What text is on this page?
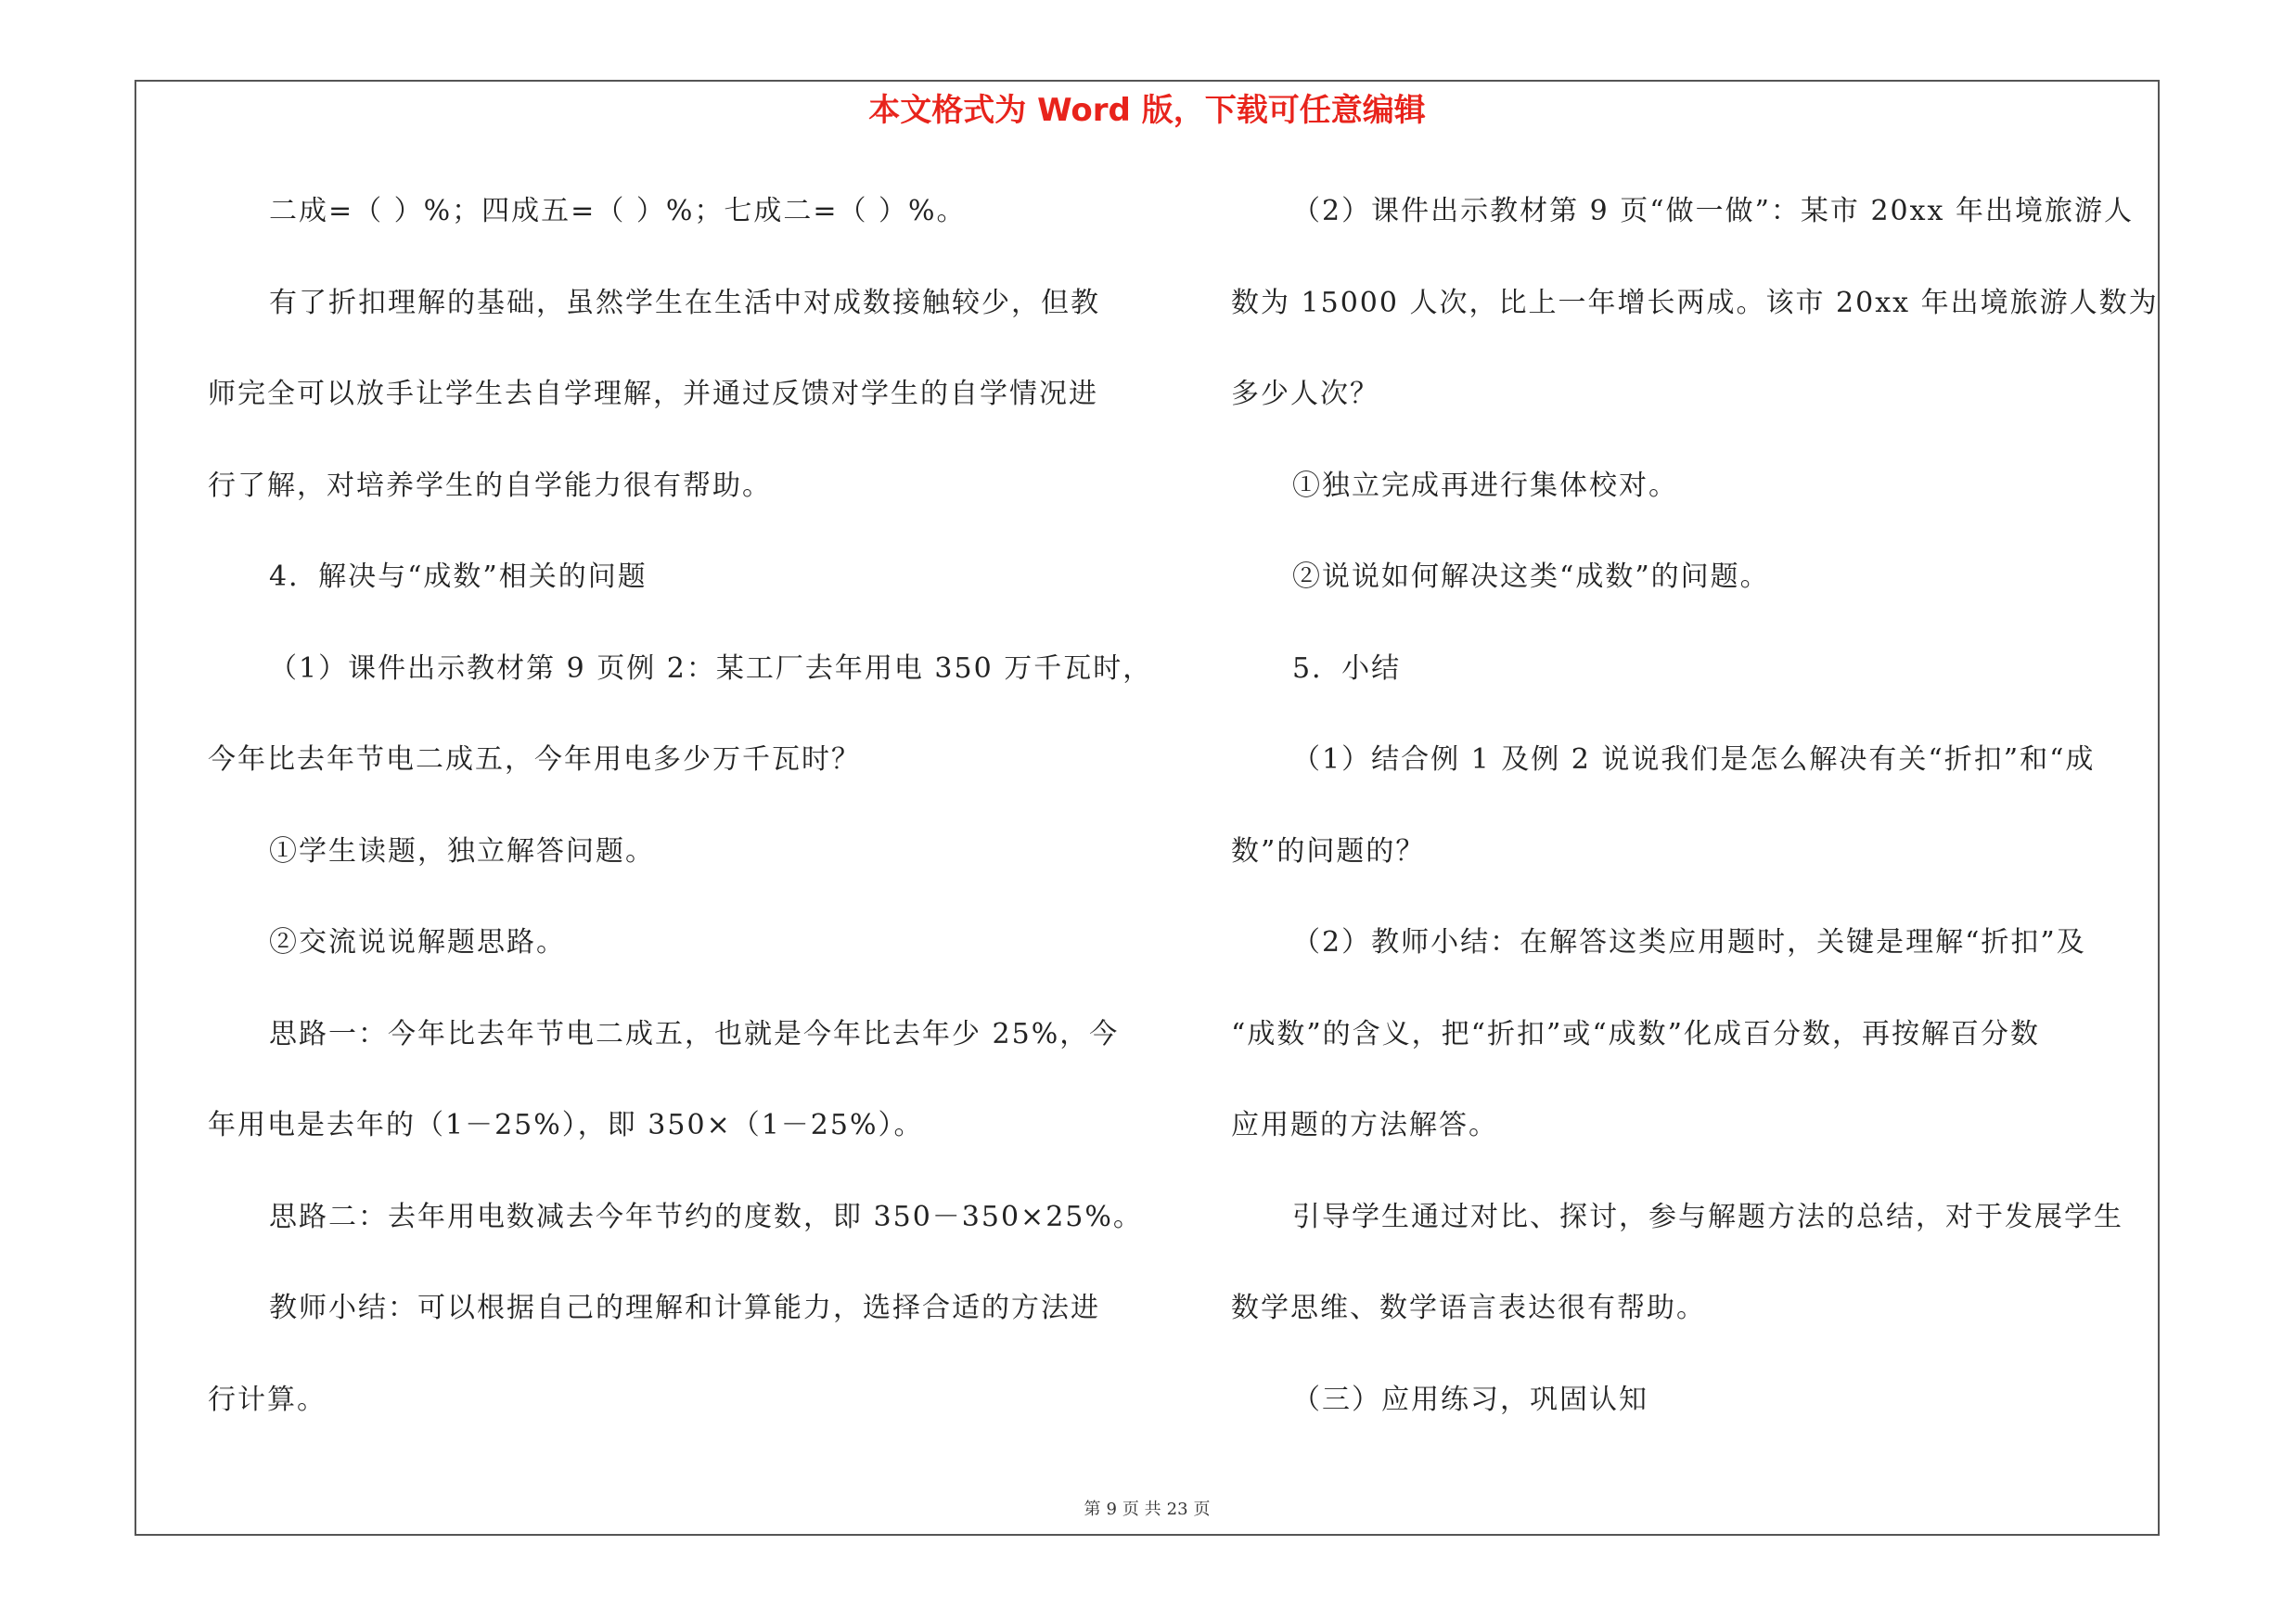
本文格式为 Word 版，下载可任意编辑
二成=（ ）%；四成五=（ ）%；七成二=（ ）%。
有了折扣理解的基础，虽然学生在生活中对成数接触较少，但教
师完全可以放手让学生去自学理解，并通过反馈对学生的自学情况进
行了解，对培养学生的自学能力很有帮助。
4．解决与“成数”相关的问题
（1）课件出示教材第 9 页例 2：某工厂去年用电 350 万千瓦时，
今年比去年节电二成五，今年用电多少万千瓦时？
①学生读题，独立解答问题。
②交流说说解题思路。
思路一：今年比去年节电二成五，也就是今年比去年少 25%，今
年用电是去年的（1－25%），即 350×（1－25%）。
思路二：去年用电数减去今年节约的度数，即 350－350×25%。
教师小结：可以根据自己的理解和计算能力，选择合适的方法进
行计算。
（2）课件出示教材第 9 页“做一做”：某市 20xx 年出境旅游人
数为 15000 人次，比上一年增长两成。该市 20xx 年出境旅游人数为
多少人次？
①独立完成再进行集体校对。
②说说如何解决这类“成数”的问题。
5．小结
（1）结合例 1 及例 2 说说我们是怎么解决有关“折扣”和“成
数”的问题的？
（2）教师小结：在解答这类应用题时，关键是理解“折扣”及
“成数”的含义，把“折扣”或“成数”化成百分数，再按解百分数
应用题的方法解答。
引导学生通过对比、探讨，参与解题方法的总结，对于发展学生
数学思维、数学语言表达很有帮助。
（三）应用练习，巩固认知
第 9 页 共 23 页
